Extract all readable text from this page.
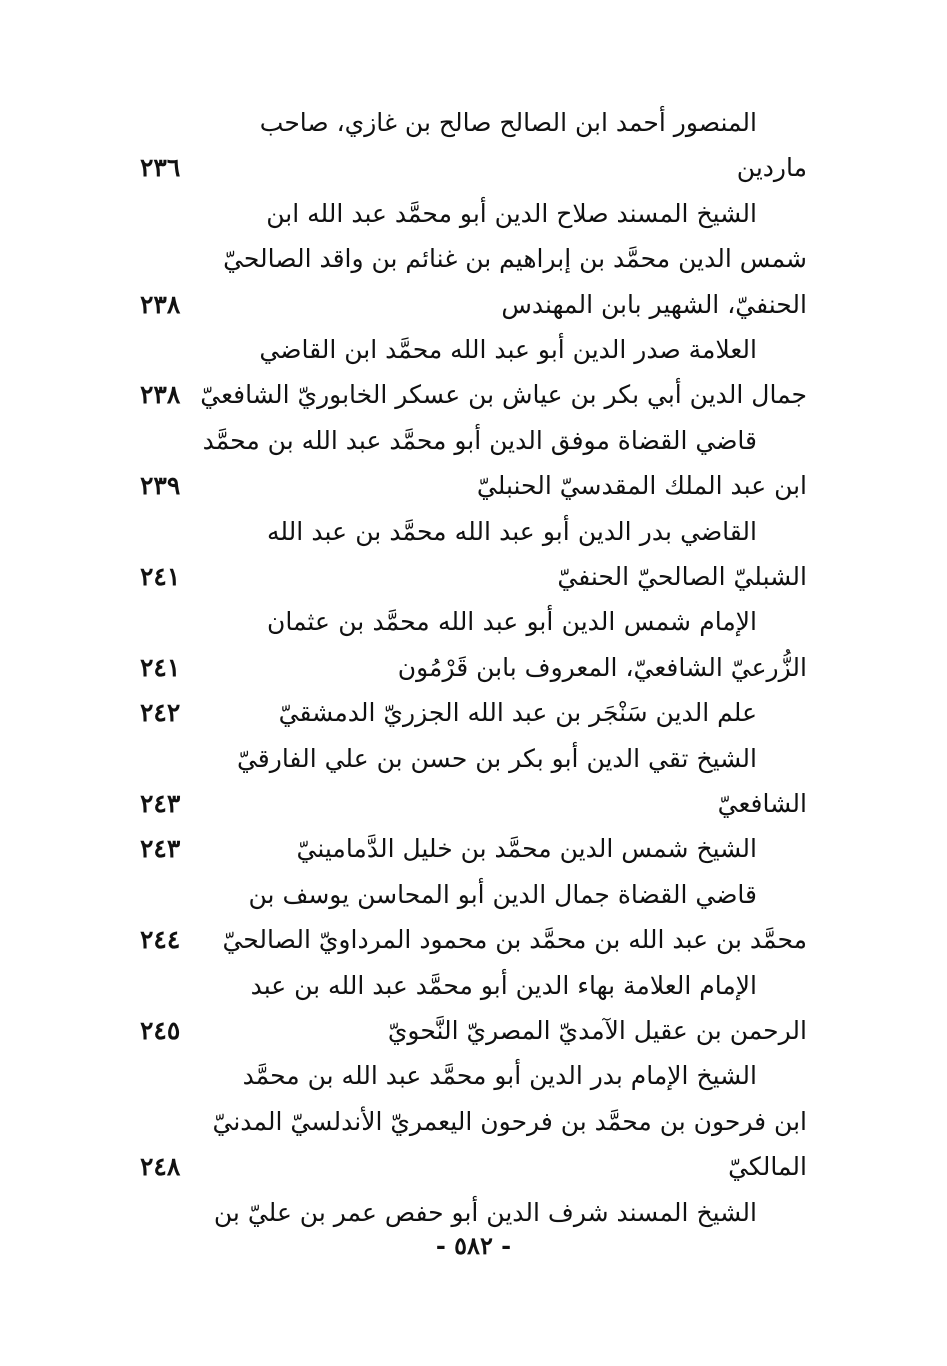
المنصور أحمد ابن الصالح صالح بن غازي، صاحب
ماردين
٢٣٦
الشيخ المسند صلاح الدين أبو محمَّد عبد الله ابن
شمس الدين محمَّد بن إبراهيم بن غنائم بن واقد الصالحيّ
الحنفيّ، الشهير بابن المهندس
٢٣٨
العلامة صدر الدين أبو عبد الله محمَّد ابن القاضي
جمال الدين أبي بكر بن عياش بن عسكر الخابوريّ الشافعيّ
٢٣٨
قاضي القضاة موفق الدين أبو محمَّد عبد الله بن محمَّد
ابن عبد الملك المقدسيّ الحنبليّ
٢٣٩
القاضي بدر الدين أبو عبد الله محمَّد بن عبد الله
الشبليّ الصالحيّ الحنفيّ
٢٤١
الإمام شمس الدين أبو عبد الله محمَّد بن عثمان
الزُّرعيّ الشافعيّ، المعروف بابن قَرْمُون
٢٤١
علم الدين سَنْجَر بن عبد الله الجزريّ الدمشقيّ
٢٤٢
الشيخ تقي الدين أبو بكر بن حسن بن علي الفارقيّ
الشافعيّ
٢٤٣
الشيخ شمس الدين محمَّد بن خليل الدَّمامينيّ
٢٤٣
قاضي القضاة جمال الدين أبو المحاسن يوسف بن
محمَّد بن عبد الله بن محمَّد بن محمود المرداويّ الصالحيّ
٢٤٤
الإمام العلامة بهاء الدين أبو محمَّد عبد الله بن عبد
الرحمن بن عقيل الآمديّ المصريّ النَّحويّ
٢٤٥
الشيخ الإمام بدر الدين أبو محمَّد عبد الله بن محمَّد
ابن فرحون بن محمَّد بن فرحون اليعمريّ الأندلسيّ المدنيّ
المالكيّ
٢٤٨
الشيخ المسند شرف الدين أبو حفص عمر بن عليّ بن
- ٥٨٢ -
